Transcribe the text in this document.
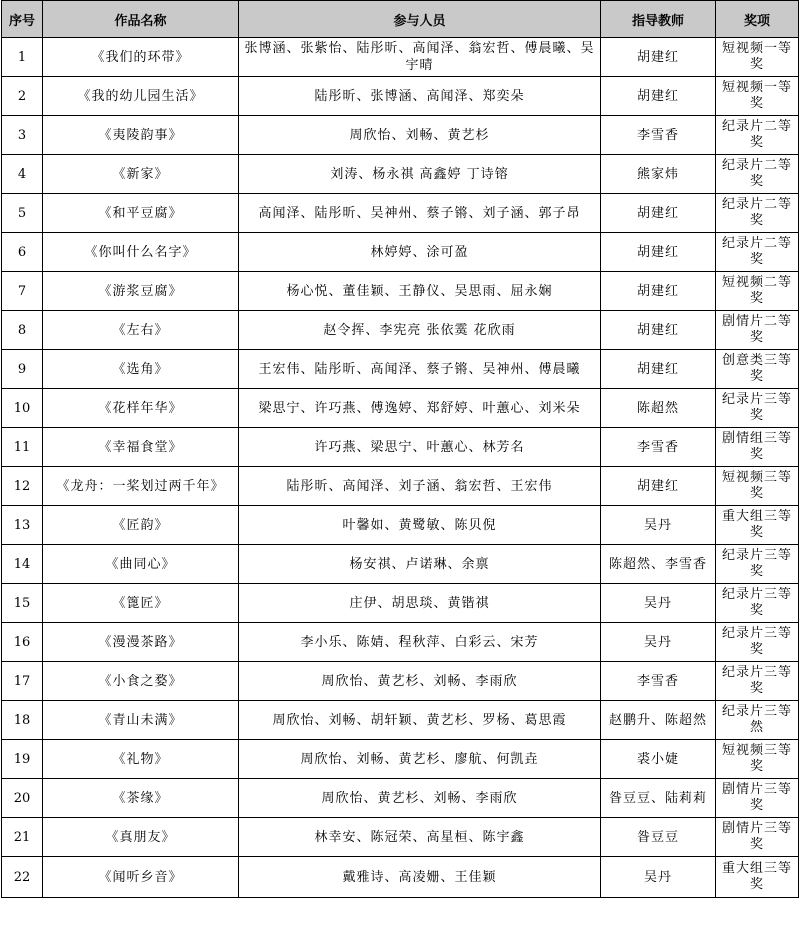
序号	作品名称	参与人员	指导教师	奖项
1	《我们的环带》	张博涵、张紫怡、陆彤昕、高闻泽、翁宏哲、傅晨曦、吴宇晴	胡建红	短视频一等奖
2	《我的幼儿园生活》	陆彤昕、张博涵、高闻泽、郑奕朵	胡建红	短视频一等奖
3	《夷陵韵事》	周欣怡、刘畅、黄艺杉	李雪香	纪录片二等奖
4	《新家》	刘涛、杨永祺 高鑫婷 丁诗镕	熊家炜	纪录片二等奖
5	《和平豆腐》	高闻泽、陆彤昕、吴神州、蔡子锵、刘子涵、郭子昂	胡建红	纪录片二等奖
6	《你叫什么名字》	林婷婷、涂可盈	胡建红	纪录片二等奖
7	《游浆豆腐》	杨心悦、董佳颖、王静仪、吴思雨、屈永娴	胡建红	短视频二等奖
8	《左右》	赵令挥、李宪亮 张依霙 花欣雨	胡建红	剧情片二等奖
9	《选角》	王宏伟、陆彤昕、高闻泽、蔡子锵、吴神州、傅晨曦	胡建红	创意类三等奖
10	《花样年华》	梁思宁、许巧燕、傅逸婷、郑舒婷、叶蕙心、刘米朵	陈超然	纪录片三等奖
11	《幸福食堂》	许巧燕、梁思宁、叶蕙心、林芳名	李雪香	剧情组三等奖
12	《龙舟：一桨划过两千年》	陆彤昕、高闻泽、刘子涵、翁宏哲、王宏伟	胡建红	短视频三等奖
13	《匠韵》	叶馨如、黄鹭敏、陈贝倪	吴丹	重大组三等奖
14	《曲同心》	杨安祺、卢诺琳、余禀	陈超然、李雪香	纪录片三等奖
15	《篦匠》	庄伊、胡思琰、黄锴祺	吴丹	纪录片三等奖
16	《漫漫茶路》	李小乐、陈婧、程秋萍、白彩云、宋芳	吴丹	纪录片三等奖
17	《小食之婺》	周欣怡、黄艺杉、刘畅、李雨欣	李雪香	纪录片三等奖
18	《青山未满》	周欣怡、刘畅、胡轩颖、黄艺杉、罗杨、葛思霞	赵鹏升、陈超然	纪录片三等然
19	《礼物》	周欣怡、刘畅、黄艺杉、廖航、何凯垚	裘小婕	短视频三等奖
20	《茶缘》	周欣怡、黄艺杉、刘畅、李雨欣	昝豆豆、陆莉莉	剧情片三等奖
21	《真朋友》	林幸安、陈冠荣、高星桓、陈宇鑫	昝豆豆	剧情片三等奖
22	《闻听乡音》	戴雅诗、高凌姗、王佳颖	吴丹	重大组三等奖
